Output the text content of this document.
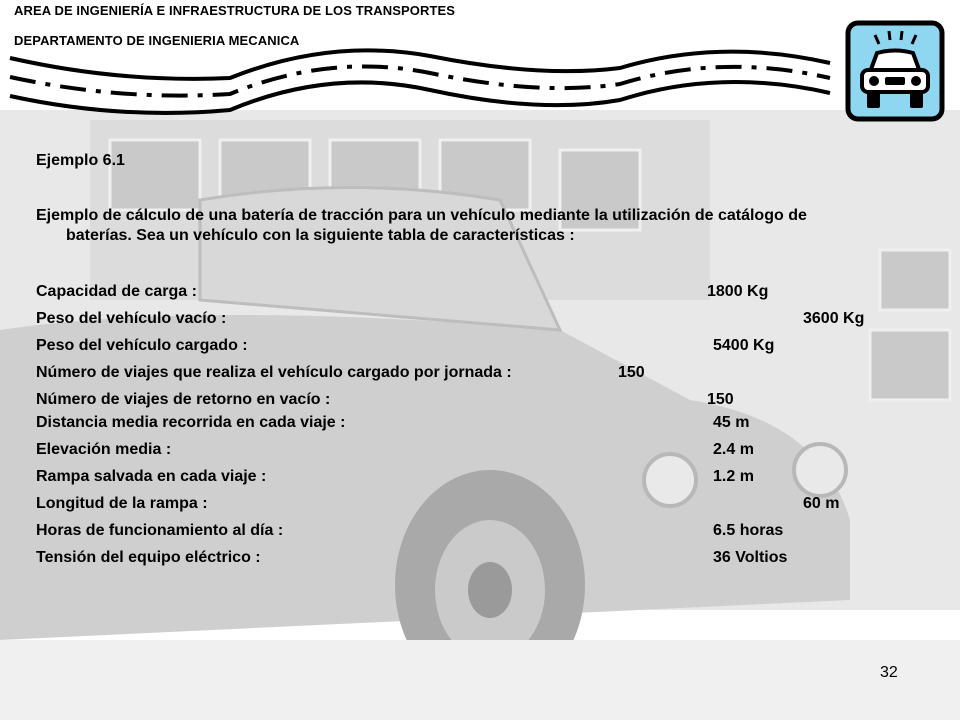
AREA DE INGENIERÍA E INFRAESTRUCTURA DE LOS TRANSPORTES

DEPARTAMENTO DE INGENIERIA MECANICA

Ejemplo 6.1

Ejemplo de cálculo de una batería de tracción para un vehículo mediante la utilización de catálogo de
baterías. Sea un vehículo con la siguiente tabla de características :

Capacidad de carga :	1800 Kg
Peso del vehículo vacío :	3600 Kg
Peso del vehículo cargado :	5400 Kg
Número de viajes que realiza el vehículo cargado por jornada :	150
Número de viajes de retorno en vacío :	150
Distancia media recorrida en cada viaje :	45 m
Elevación media :	2.4 m
Rampa salvada en cada viaje :	1.2 m
Longitud de la rampa :	60 m
Horas de funcionamiento al día :	6.5 horas
Tensión del equipo eléctrico :	36 Voltios
32
